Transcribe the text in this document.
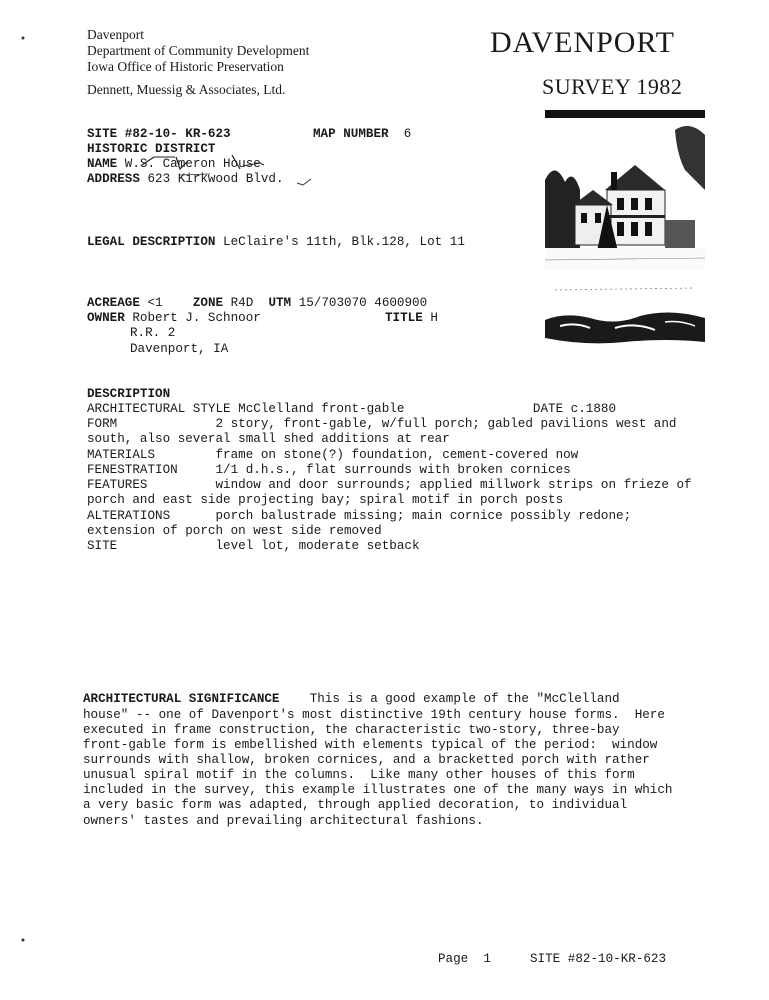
Davenport
Department of Community Development
Iowa Office of Historic Preservation
Dennett, Muessig & Associates, Ltd.
DAVENPORT
SURVEY 1982
SITE #82-10- KR-623	MAP NUMBER 6
HISTORIC DISTRICT
NAME W.S. Cameron House
ADDRESS 623 Kirkwood Blvd.
LEGAL DESCRIPTION LeClaire's 11th, Blk.128, Lot 11
ACREAGE <1 ZONE R4D UTM 15/703070 4600900
OWNER Robert J. Schnoor	TITLE H
R.R. 2
Davenport, IA
DESCRIPTION
ARCHITECTURAL STYLE McClelland front-gable                 DATE c.1880
FORM             2 story, front-gable, w/full porch; gabled pavilions west and
south, also several small shed additions at rear
MATERIALS        frame on stone(?) foundation, cement-covered now
FENESTRATION     1/1 d.h.s., flat surrounds with broken cornices
FEATURES         window and door surrounds; applied millwork strips on frieze of
porch and east side projecting bay; spiral motif in porch posts
ALTERATIONS      porch balustrade missing; main cornice possibly redone;
extension of porch on west side removed
SITE             level lot, moderate setback
ARCHITECTURAL SIGNIFICANCE    This is a good example of the "McClelland
house" -- one of Davenport's most distinctive 19th century house forms.  Here
executed in frame construction, the characteristic two-story, three-bay
front-gable form is embellished with elements typical of the period:  window
surrounds with shallow, broken cornices, and a bracketted porch with rather
unusual spiral motif in the columns.  Like many other houses of this form
included in the survey, this example illustrates one of the many ways in which
a very basic form was adapted, through applied decoration, to individual
owners' tastes and prevailing architectural fashions.
Page 1	SITE #82-10-KR-623
